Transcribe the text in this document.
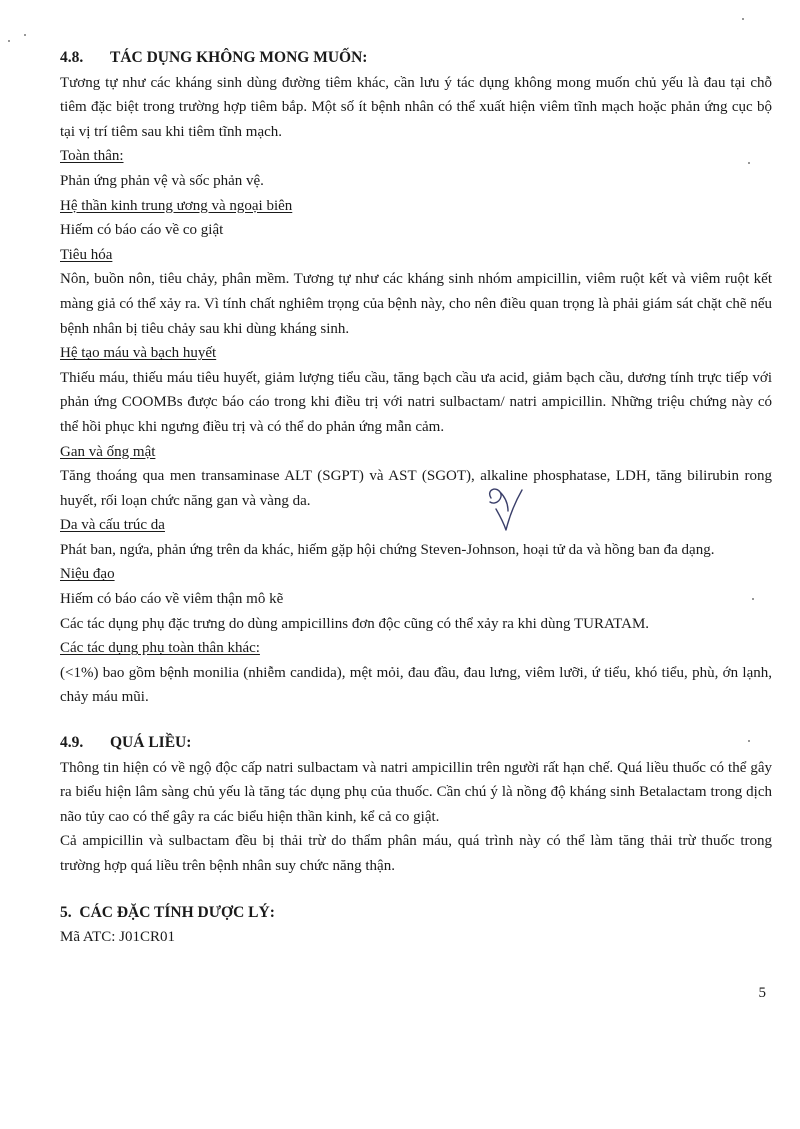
4.8. TÁC DỤNG KHÔNG MONG MUỐN:

Tương tự như các kháng sinh dùng đường tiêm khác, cần lưu ý tác dụng không mong muốn chủ yếu là đau tại chỗ tiêm đặc biệt trong trường hợp tiêm bắp. Một số ít bệnh nhân có thể xuất hiện viêm tĩnh mạch hoặc phản ứng cục bộ tại vị trí tiêm sau khi tiêm tĩnh mạch.

Toàn thân:

Phản ứng phản vệ và sốc phản vệ.

Hệ thần kinh trung ương và ngoại biên

Hiếm có báo cáo về co giật

Tiêu hóa

Nôn, buồn nôn, tiêu chảy, phân mềm. Tương tự như các kháng sinh nhóm ampicillin, viêm ruột kết và viêm ruột kết màng giả có thể xảy ra. Vì tính chất nghiêm trọng của bệnh này, cho nên điều quan trọng là phải giám sát chặt chẽ nếu bệnh nhân bị tiêu chảy sau khi dùng kháng sinh.

Hệ tạo máu và bạch huyết

Thiếu máu, thiếu máu tiêu huyết, giảm lượng tiểu cầu, tăng bạch cầu ưa acid, giảm bạch cầu, dương tính trực tiếp với phản ứng COOMBs được báo cáo trong khi điều trị với natri sulbactam/ natri ampicillin. Những triệu chứng này có thể hồi phục khi ngưng điều trị và có thể do phản ứng mẫn cảm.

Gan và ống mật

Tăng thoáng qua men transaminase ALT (SGPT) và AST (SGOT), alkaline phosphatase, LDH, tăng bilirubin rong huyết, rối loạn chức năng gan và vàng da.

Da và cấu trúc da

Phát ban, ngứa, phản ứng trên da khác, hiếm gặp hội chứng Steven-Johnson, hoại tử da và hồng ban đa dạng.

Niệu đạo

Hiếm có báo cáo về viêm thận mô kẽ

Các tác dụng phụ đặc trưng do dùng ampicillins đơn độc cũng có thể xảy ra khi dùng TURATAM.

Các tác dụng phụ toàn thân khác:

(<1%) bao gồm bệnh monilia (nhiễm candida), mệt mỏi, đau đầu, đau lưng, viêm lưỡi, ứ tiểu, khó tiểu, phù, ớn lạnh, chảy máu mũi.

4.9. QUÁ LIỀU:

Thông tin hiện có về ngộ độc cấp natri sulbactam và natri ampicillin trên người rất hạn chế. Quá liều thuốc có thể gây ra biểu hiện lâm sàng chủ yếu là tăng tác dụng phụ của thuốc. Cần chú ý là nồng độ kháng sinh Betalactam trong dịch não tủy cao có thể gây ra các biểu hiện thần kinh, kể cả co giật.

Cả ampicillin và sulbactam đều bị thải trừ do thẩm phân máu, quá trình này có thể làm tăng thải trừ thuốc trong trường hợp quá liều trên bệnh nhân suy chức năng thận.

5. CÁC ĐẶC TÍNH DƯỢC LÝ:

Mã ATC: J01CR01

5
